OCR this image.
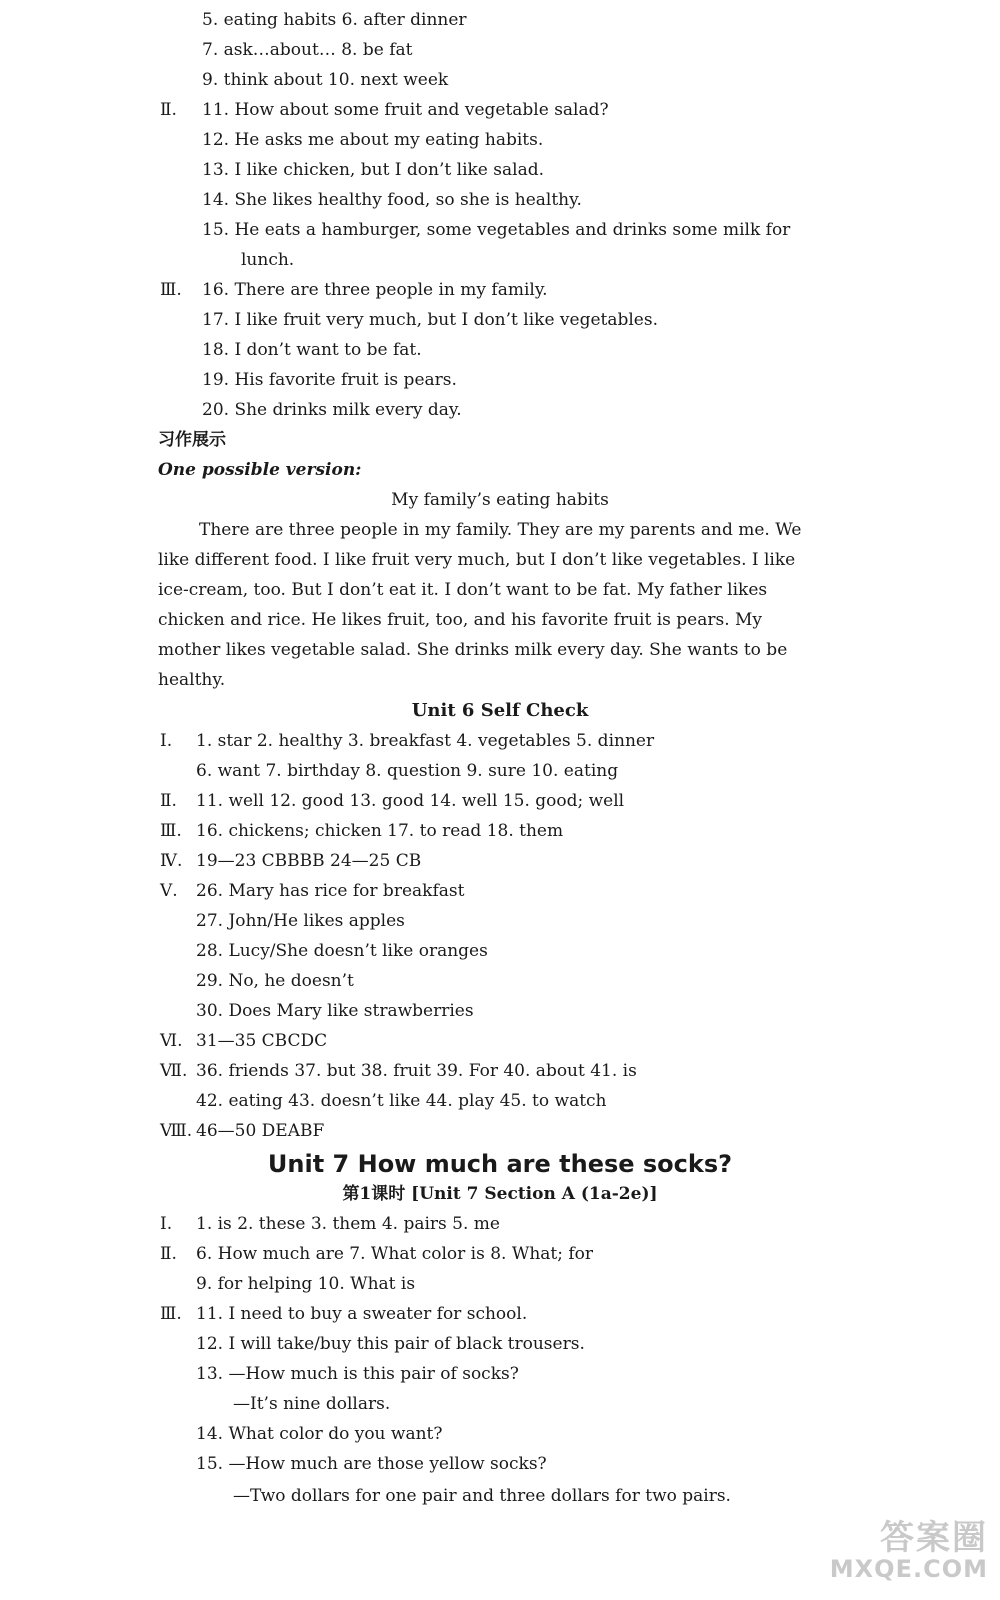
5. eating habits 6. after dinner
7. ask…about… 8. be fat
9. think about 10. next week
Ⅱ. 11. How about some fruit and vegetable salad?
12. He asks me about my eating habits.
13. I like chicken, but I don’t like salad.
14. She likes healthy food, so she is healthy.
15. He eats a hamburger, some vegetables and drinks some milk for
lunch.
Ⅲ. 16. There are three people in my family.
17. I like fruit very much, but I don’t like vegetables.
18. I don’t want to be fat.
19. His favorite fruit is pears.
20. She drinks milk every day.
习作展示
One possible version:
My family’s eating habits
There are three people in my family. They are my parents and me. We
like different food. I like fruit very much, but I don’t like vegetables. I like
ice-cream, too. But I don’t eat it. I don’t want to be fat. My father likes
chicken and rice. He likes fruit, too, and his favorite fruit is pears. My
mother likes vegetable salad. She drinks milk every day. She wants to be
healthy.
Unit 6 Self Check
Ⅰ. 1. star 2. healthy 3. breakfast 4. vegetables 5. dinner
6. want 7. birthday 8. question 9. sure 10. eating
Ⅱ. 11. well 12. good 13. good 14. well 15. good; well
Ⅲ. 16. chickens; chicken 17. to read 18. them
Ⅳ. 19—23 CBBBB 24—25 CB
Ⅴ. 26. Mary has rice for breakfast
27. John/He likes apples
28. Lucy/She doesn’t like oranges
29. No, he doesn’t
30. Does Mary like strawberries
Ⅵ. 31—35 CBCDC
Ⅶ. 36. friends 37. but 38. fruit 39. For 40. about 41. is
42. eating 43. doesn’t like 44. play 45. to watch
Ⅷ. 46—50 DEABF
Unit 7 How much are these socks?
第1课时 [Unit 7 Section A (1a-2e)]
Ⅰ. 1. is 2. these 3. them 4. pairs 5. me
Ⅱ. 6. How much are 7. What color is 8. What; for
9. for helping 10. What is
Ⅲ. 11. I need to buy a sweater for school.
12. I will take/buy this pair of black trousers.
13. —How much is this pair of socks?
—It’s nine dollars.
14. What color do you want?
15. —How much are those yellow socks?
—Two dollars for one pair and three dollars for two pairs.
答案圈
MXQE.COM
